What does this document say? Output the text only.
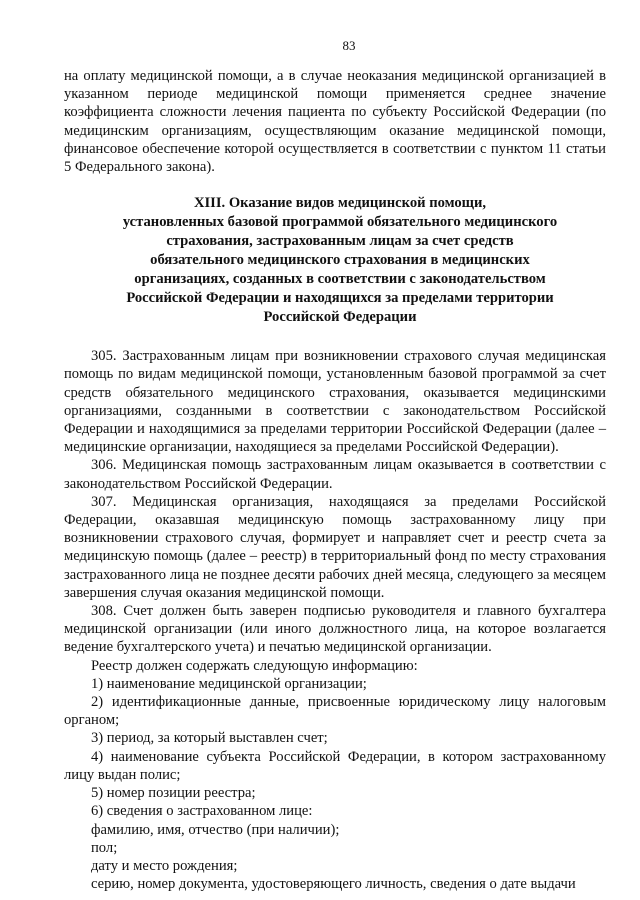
83

на оплату медицинской помощи, а в случае неоказания медицинской организацией в указанном периоде медицинской помощи применяется среднее значение коэффициента сложности лечения пациента по субъекту Российской Федерации (по медицинским организациям, осуществляющим оказание медицинской помощи, финансовое обеспечение которой осуществляется в соответствии с пунктом 11 статьи 5 Федерального закона).

XIII. Оказание видов медицинской помощи,
установленных базовой программой обязательного медицинского
страхования, застрахованным лицам за счет средств
обязательного медицинского страхования в медицинских
организациях, созданных в соответствии с законодательством
Российской Федерации и находящихся за пределами территории
Российской Федерации

305. Застрахованным лицам при возникновении страхового случая медицинская помощь по видам медицинской помощи, установленным базовой программой за счет средств обязательного медицинского страхования, оказывается медицинскими организациями, созданными в соответствии с законодательством Российской Федерации и находящимися за пределами территории Российской Федерации (далее – медицинские организации, находящиеся за пределами Российской Федерации).

306. Медицинская помощь застрахованным лицам оказывается в соответствии с законодательством Российской Федерации.

307. Медицинская организация, находящаяся за пределами Российской Федерации, оказавшая медицинскую помощь застрахованному лицу при возникновении страхового случая, формирует и направляет счет и реестр счета за медицинскую помощь (далее – реестр) в территориальный фонд по месту страхования застрахованного лица не позднее десяти рабочих дней месяца, следующего за месяцем завершения случая оказания медицинской помощи.

308. Счет должен быть заверен подписью руководителя и главного бухгалтера медицинской организации (или иного должностного лица, на которое возлагается ведение бухгалтерского учета) и печатью медицинской организации.

Реестр должен содержать следующую информацию:

1) наименование медицинской организации;

2) идентификационные данные, присвоенные юридическому лицу налоговым органом;

3) период, за который выставлен счет;

4) наименование субъекта Российской Федерации, в котором застрахованному лицу выдан полис;

5) номер позиции реестра;

6) сведения о застрахованном лице:

фамилию, имя, отчество (при наличии);

пол;

дату и место рождения;

серию, номер документа, удостоверяющего личность, сведения о дате выдачи
